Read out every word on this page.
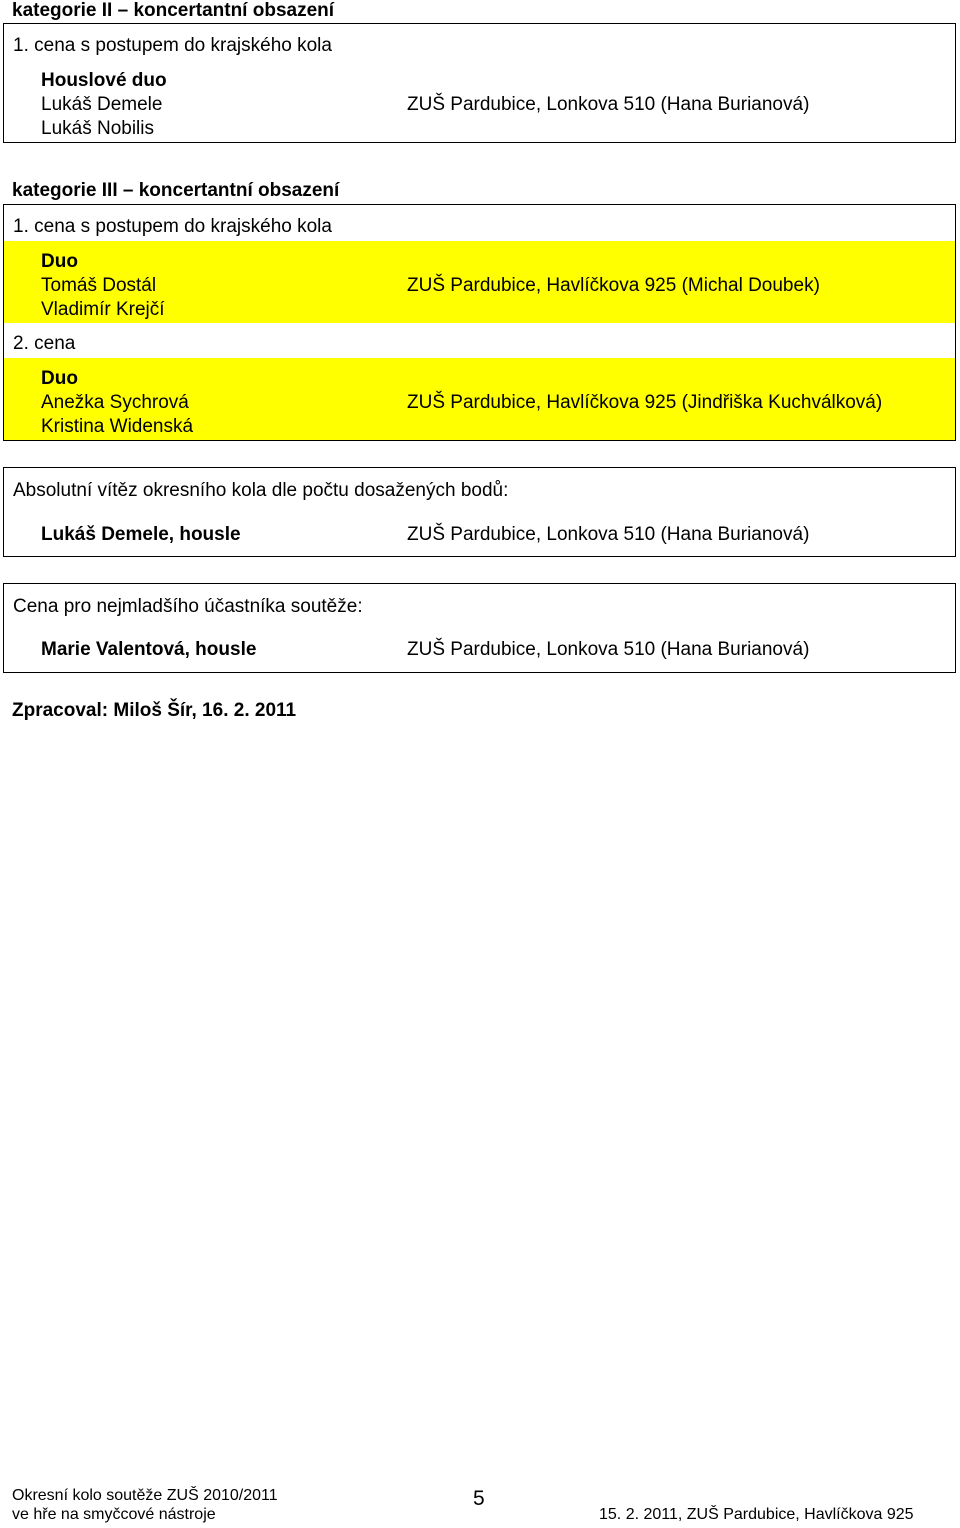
kategorie II – koncertantní obsazení
1. cena s postupem do krajského kola
Houslové duo
Lukáš Demele
Lukáš Nobilis
ZUŠ Pardubice, Lonkova 510 (Hana Burianová)
kategorie III – koncertantní obsazení
1. cena s postupem do krajského kola
Duo
Tomáš Dostál
Vladimír Krejčí
ZUŠ Pardubice, Havlíčkova 925 (Michal Doubek)
2. cena
Duo
Anežka Sychrová
Kristina Widenská
ZUŠ Pardubice, Havlíčkova 925 (Jindřiška Kuchválková)
Absolutní vítěz okresního kola dle počtu dosažených bodů:
Lukáš Demele, housle	ZUŠ Pardubice, Lonkova 510 (Hana Burianová)
Cena pro nejmladšího účastníka soutěže:
Marie Valentová, housle	ZUŠ Pardubice, Lonkova 510 (Hana Burianová)
Zpracoval: Miloš Šír, 16. 2. 2011
Okresní kolo soutěže ZUŠ 2010/2011
ve hře na smyčcové nástroje
5
15. 2. 2011, ZUŠ Pardubice, Havlíčkova 925
